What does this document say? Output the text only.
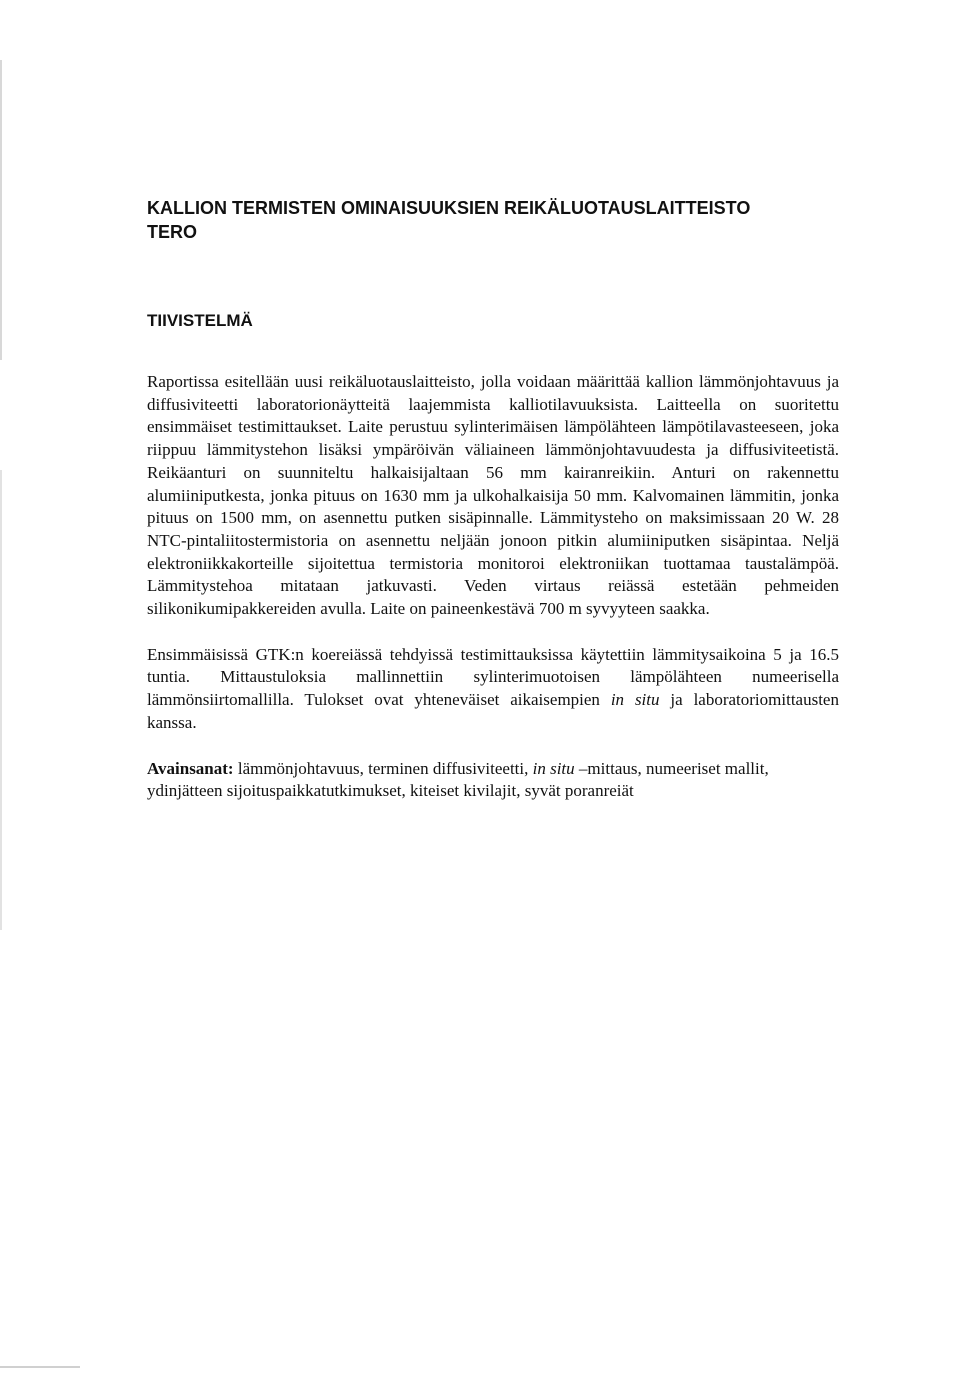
KALLION TERMISTEN OMINAISUUKSIEN REIKÄLUOTAUSLAITTEISTO
TERO
TIIVISTELMÄ

Raportissa esitellään uusi reikäluotauslaitteisto, jolla voidaan määrittää kallion lämmönjohtavuus ja diffusiviteetti laboratorionäytteitä laajemmista kalliotilavuuksista. Laitteella on suoritettu ensimmäiset testimittaukset. Laite perustuu sylinterimäisen lämpölähteen lämpötilavasteeseen, joka riippuu lämmitystehon lisäksi ympäröivän väliaineen lämmönjohtavuudesta ja diffusiviteetistä. Reikäanturi on suunniteltu halkaisijaltaan 56 mm kairanreikiin. Anturi on rakennettu alumiiniputkesta, jonka pituus on 1630 mm ja ulkohalkaisija 50 mm. Kalvomainen lämmitin, jonka pituus on 1500 mm, on asennettu putken sisäpinnalle. Lämmitysteho on maksimissaan 20 W. 28 NTC-pintaliitostermistoria on asennettu neljään jonoon pitkin alumiiniputken sisäpintaa. Neljä elektroniikkakorteille sijoitettua termistoria monitoroi elektroniikan tuottamaa taustalämpöä. Lämmitystehoa mitataan jatkuvasti. Veden virtaus reiässä estetään pehmeiden silikonikumipakkereiden avulla. Laite on paineenkestävä 700 m syvyyteen saakka.

Ensimmäisissä GTK:n koereiässä tehdyissä testimittauksissa käytettiin lämmitysaikoina 5 ja 16.5 tuntia. Mittaustuloksia mallinnettiin sylinterimuotoisen lämpölähteen numeerisella lämmönsiirtomallilla. Tulokset ovat yhteneväiset aikaisempien in situ ja laboratoriomittausten kanssa.

Avainsanat: lämmönjohtavuus, terminen diffusiviteetti, in situ –mittaus, numeeriset mallit, ydinjätteen sijoituspaikkatutkimukset, kiteiset kivilajit, syvät poranreiät
